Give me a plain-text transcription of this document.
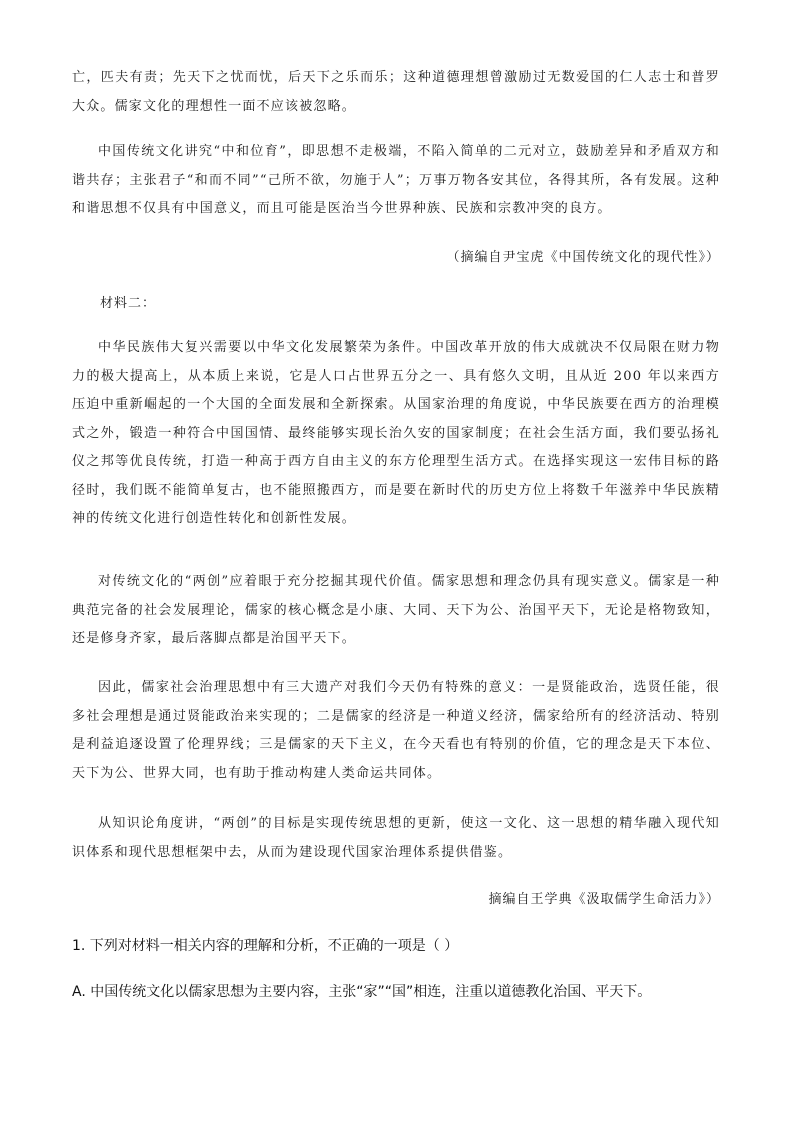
亡，匹夫有责；先天下之忧而忧，后天下之乐而乐；这种道德理想曾激励过无数爱国的仁人志士和普罗大众。儒家文化的理想性一面不应该被忽略。

中国传统文化讲究“中和位育”，即思想不走极端，不陷入简单的二元对立，鼓励差异和矛盾双方和谐共存；主张君子“和而不同”“己所不欲，勿施于人”；万事万物各安其位，各得其所，各有发展。这种和谐思想不仅具有中国意义，而且可能是医治当今世界种族、民族和宗教冲突的良方。

（摘编自尹宝虎《中国传统文化的现代性》）

材料二：

中华民族伟大复兴需要以中华文化发展繁荣为条件。中国改革开放的伟大成就决不仅局限在财力物力的极大提高上，从本质上来说，它是人口占世界五分之一、具有悠久文明，且从近 200 年以来西方压迫中重新崛起的一个大国的全面发展和全新探索。从国家治理的角度说，中华民族要在西方的治理模式之外，锻造一种符合中国国情、最终能够实现长治久安的国家制度；在社会生活方面，我们要弘扬礼仪之邦等优良传统，打造一种高于西方自由主义的东方伦理型生活方式。在选择实现这一宏伟目标的路径时，我们既不能简单复古，也不能照搬西方，而是要在新时代的历史方位上将数千年滋养中华民族精神的传统文化进行创造性转化和创新性发展。

对传统文化的“两创”应着眼于充分挖掘其现代价值。儒家思想和理念仍具有现实意义。儒家是一种典范完备的社会发展理论，儒家的核心概念是小康、大同、天下为公、治国平天下，无论是格物致知，还是修身齐家，最后落脚点都是治国平天下。

因此，儒家社会治理思想中有三大遗产对我们今天仍有特殊的意义：一是贤能政治，选贤任能，很多社会理想是通过贤能政治来实现的；二是儒家的经济是一种道义经济，儒家给所有的经济活动、特别是利益追逐设置了伦理界线；三是儒家的天下主义，在今天看也有特别的价值，它的理念是天下本位、天下为公、世界大同，也有助于推动构建人类命运共同体。

从知识论角度讲，“两创”的目标是实现传统思想的更新，使这一文化、这一思想的精华融入现代知识体系和现代思想框架中去，从而为建设现代国家治理体系提供借鉴。

摘编自王学典《汲取儒学生命活力》）

1. 下列对材料一相关内容的理解和分析，不正确的一项是（ ）

A. 中国传统文化以儒家思想为主要内容，主张“家”“国”相连，注重以道德教化治国、平天下。
